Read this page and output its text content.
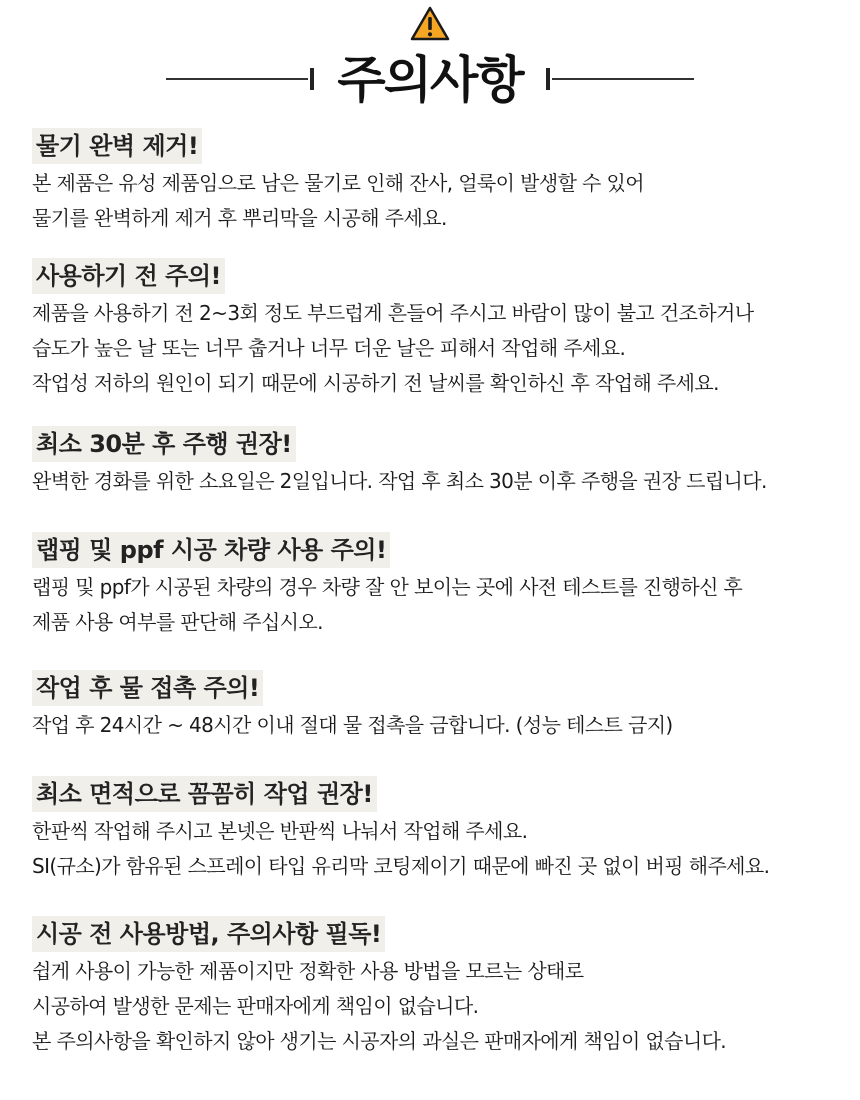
주의사항
물기 완벽 제거!
본 제품은 유성 제품임으로 남은 물기로 인해 잔사, 얼룩이 발생할 수 있어
물기를 완벽하게 제거 후 뿌리막을 시공해 주세요.
사용하기 전 주의!
제품을 사용하기 전 2~3회 정도 부드럽게 흔들어 주시고 바람이 많이 불고 건조하거나
습도가 높은 날 또는 너무 춥거나 너무 더운 날은 피해서 작업해 주세요.
작업성 저하의 원인이 되기 때문에 시공하기 전 날씨를 확인하신 후 작업해 주세요.
최소 30분 후 주행 권장!
완벽한 경화를 위한 소요일은 2일입니다. 작업 후 최소 30분 이후 주행을 권장 드립니다.
랩핑 및 ppf 시공 차량 사용 주의!
랩핑 및 ppf가 시공된 차량의 경우 차량 잘 안 보이는 곳에 사전 테스트를 진행하신 후
제품 사용 여부를 판단해 주십시오.
작업 후 물 접촉 주의!
작업 후 24시간 ~ 48시간 이내 절대 물 접촉을 금합니다. (성능 테스트 금지)
최소 면적으로 꼼꼼히 작업 권장!
한판씩 작업해 주시고 본넷은 반판씩 나눠서 작업해 주세요.
SI(규소)가 함유된 스프레이 타입 유리막 코팅제이기 때문에 빠진 곳 없이 버핑 해주세요.
시공 전 사용방법, 주의사항 필독!
쉽게 사용이 가능한 제품이지만 정확한 사용 방법을 모르는 상태로
시공하여 발생한 문제는 판매자에게 책임이 없습니다.
본 주의사항을 확인하지 않아 생기는 시공자의 과실은 판매자에게 책임이 없습니다.
